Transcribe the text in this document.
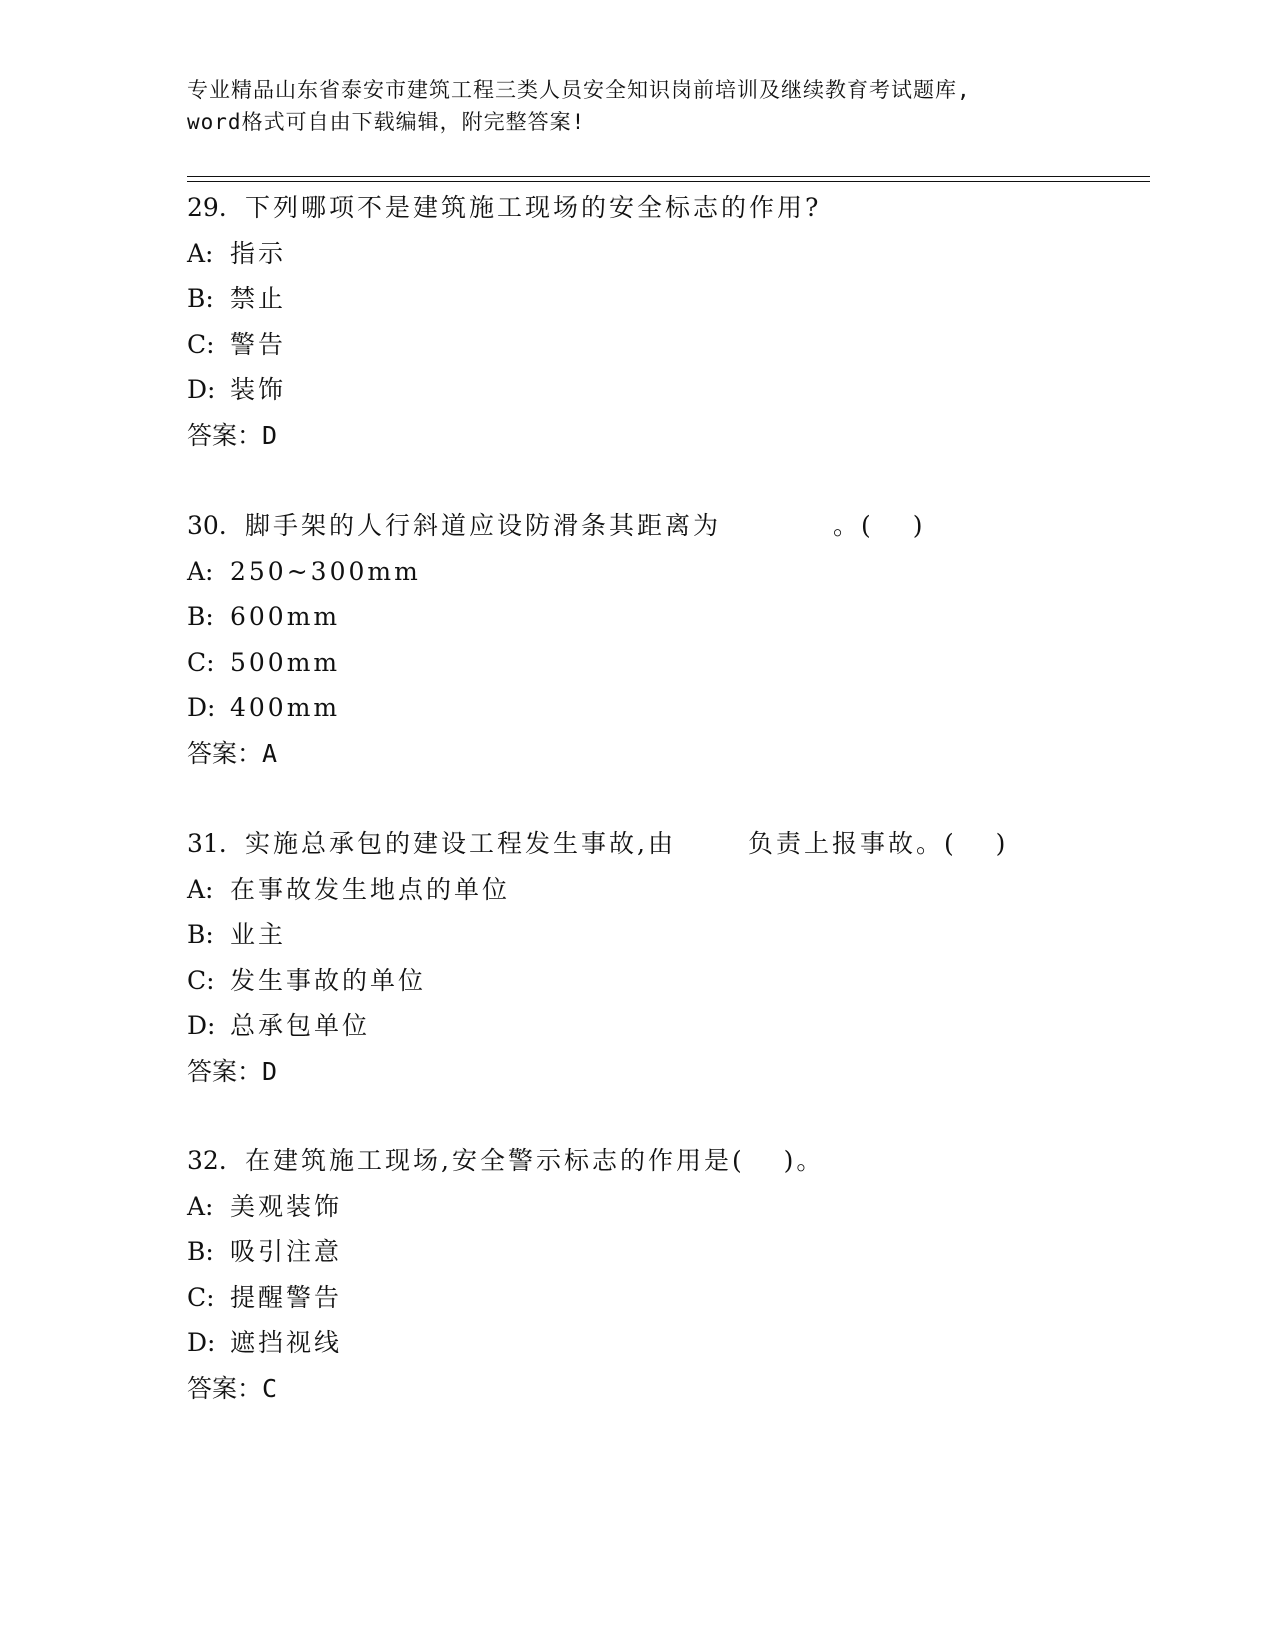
专业精品山东省泰安市建筑工程三类人员安全知识岗前培训及继续教育考试题库,
word格式可自由下载编辑，附完整答案!
29. 下列哪项不是建筑施工现场的安全标志的作用?
A: 指示
B: 禁止
C: 警告
D: 装饰
答案：D
30. 脚手架的人行斜道应设防滑条其距离为	。(　 )
A: 250~300mm
B: 600mm
C: 500mm
D: 400mm
答案：A
31. 实施总承包的建设工程发生事故,由	负责上报事故。(　 )
A: 在事故发生地点的单位
B: 业主
C: 发生事故的单位
D: 总承包单位
答案：D
32. 在建筑施工现场,安全警示标志的作用是(　 )。
A: 美观装饰
B: 吸引注意
C: 提醒警告
D: 遮挡视线
答案：C
